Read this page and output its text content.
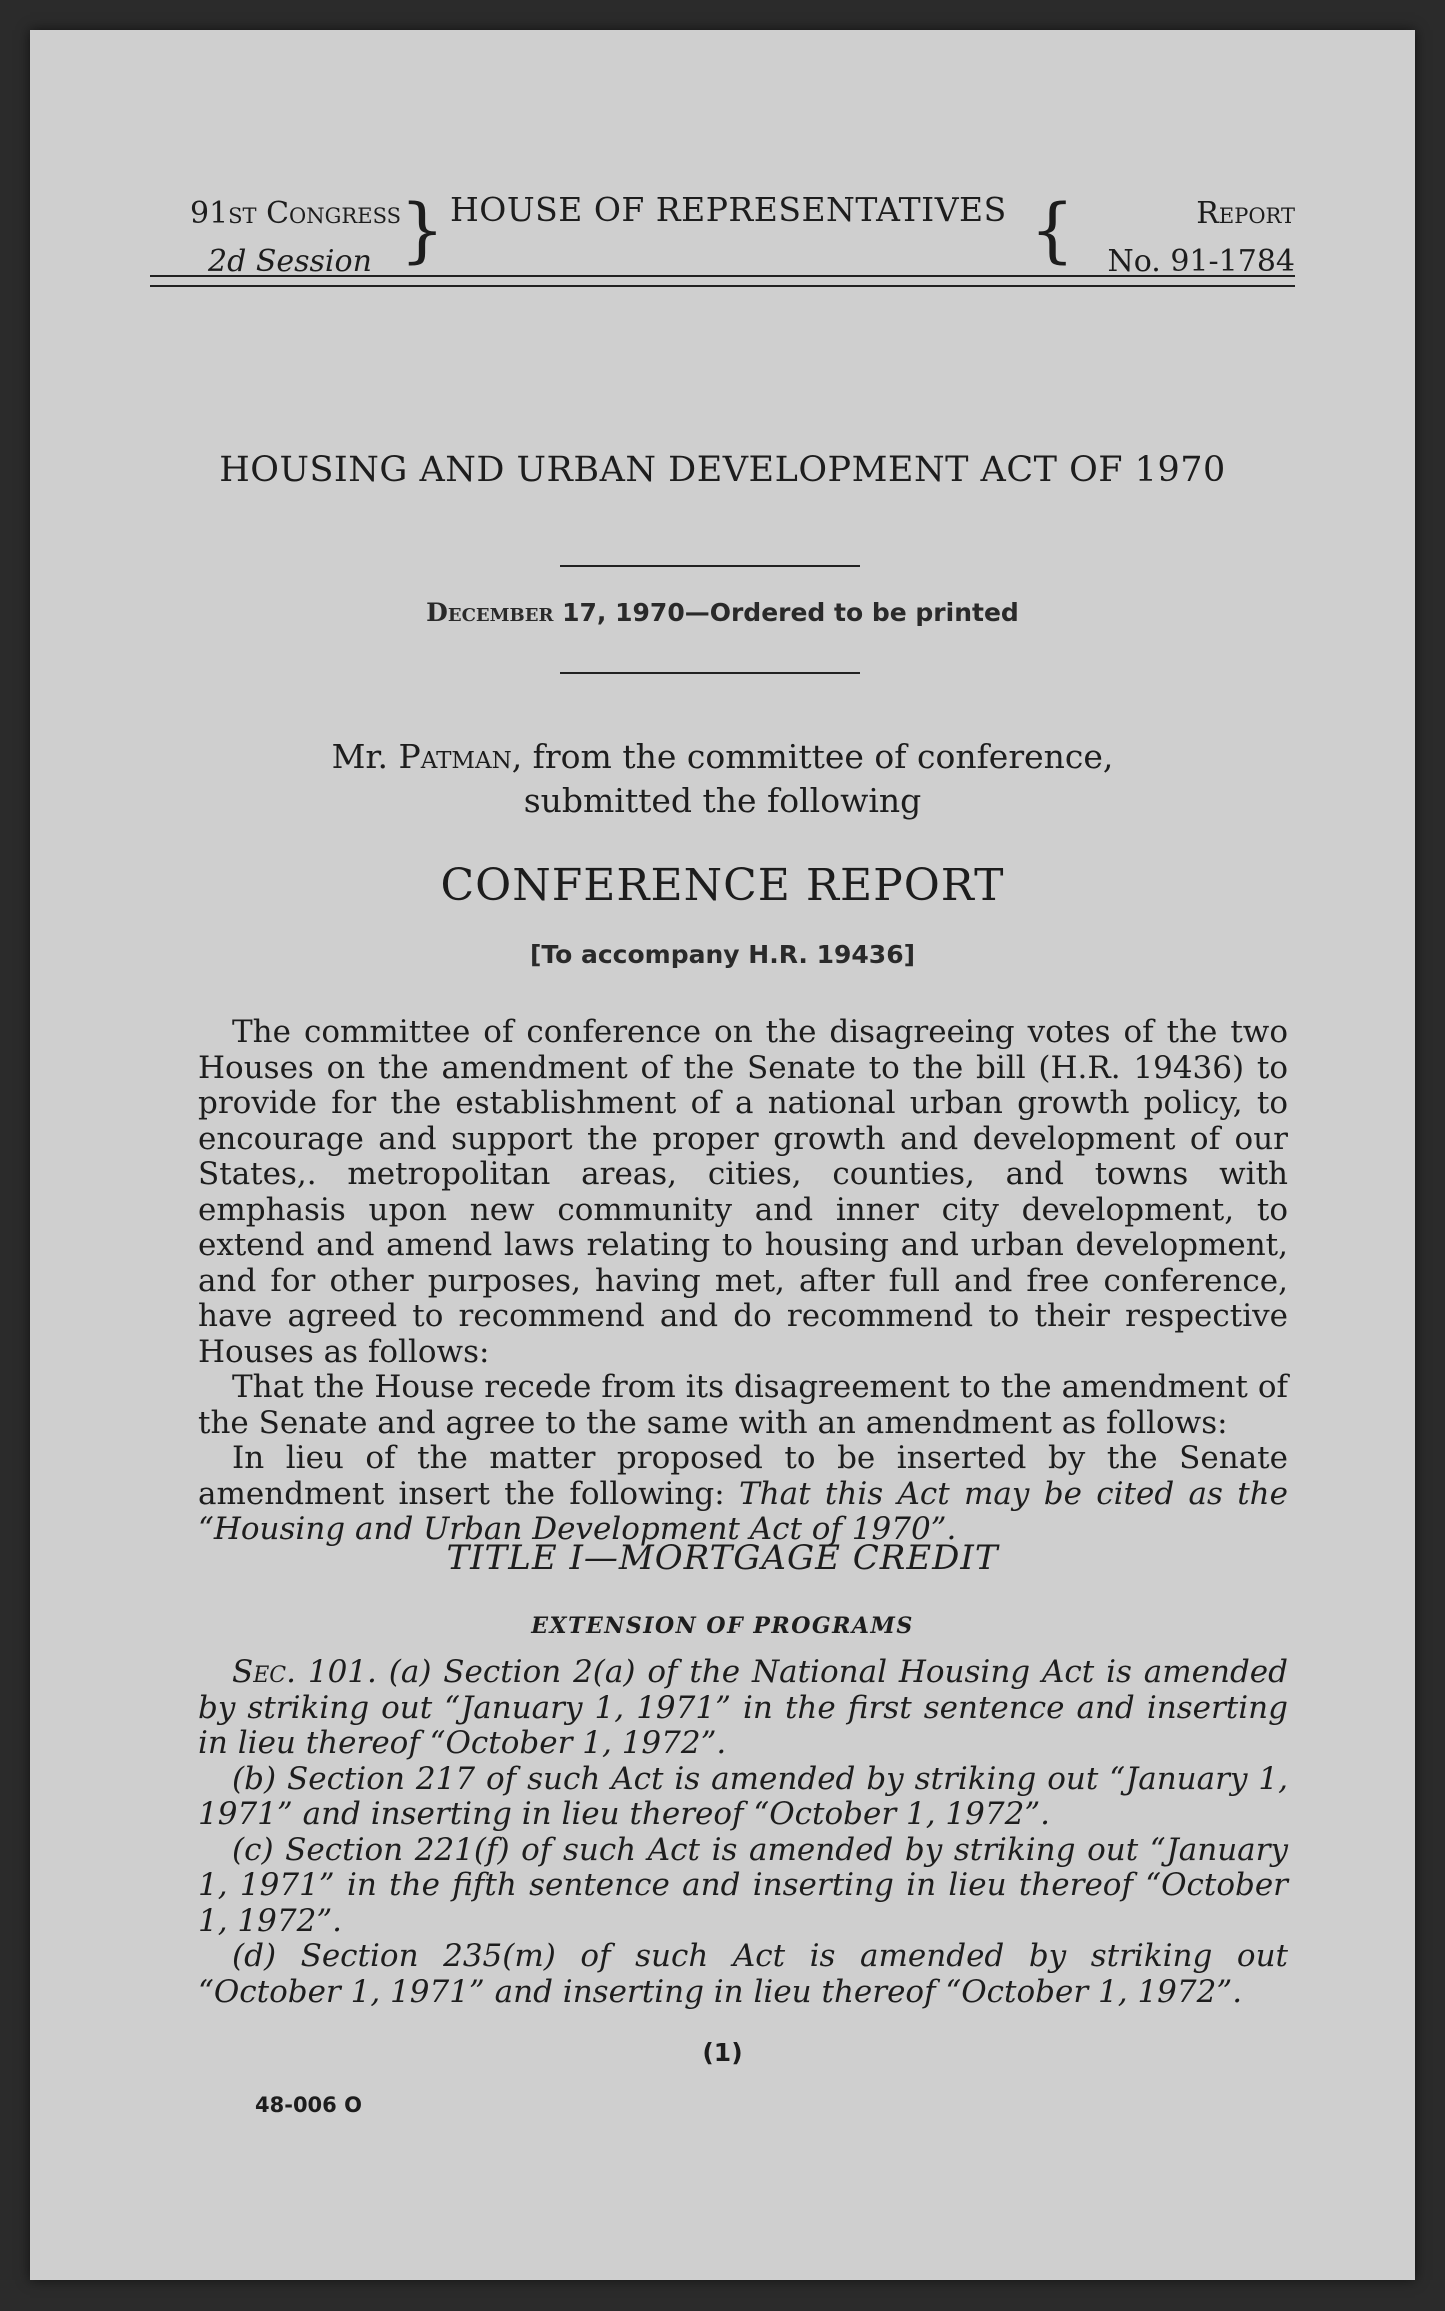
91st Congress
2d Session } HOUSE OF REPRESENTATIVES {	Report
No. 91-1784
HOUSING AND URBAN DEVELOPMENT ACT OF 1970
December 17, 1970—Ordered to be printed
Mr. Patman, from the committee of conference,
submitted the following
CONFERENCE REPORT
[To accompany H.R. 19436]

The committee of conference on the disagreeing votes of the two Houses on the amendment of the Senate to the bill (H.R. 19436) to provide for the establishment of a national urban growth policy, to encourage and support the proper growth and development of our States,. metropolitan areas, cities, counties, and towns with emphasis upon new community and inner city development, to extend and amend laws relating to housing and urban development, and for other purposes, having met, after full and free conference, have agreed to recommend and do recommend to their respective Houses as follows:

That the House recede from its disagreement to the amendment of the Senate and agree to the same with an amendment as follows:

In lieu of the matter proposed to be inserted by the Senate amendment insert the following: That this Act may be cited as the “Housing and Urban Development Act of 1970”.

TITLE I—MORTGAGE CREDIT
EXTENSION OF PROGRAMS

Sec. 101. (a) Section 2(a) of the National Housing Act is amended by striking out “January 1, 1971” in the first sentence and inserting in lieu thereof “October 1, 1972”.

(b) Section 217 of such Act is amended by striking out “January 1, 1971” and inserting in lieu thereof “October 1, 1972”.

(c) Section 221(f) of such Act is amended by striking out “January 1, 1971” in the fifth sentence and inserting in lieu thereof “October 1, 1972”.

(d) Section 235(m) of such Act is amended by striking out “October 1, 1971” and inserting in lieu thereof “October 1, 1972”.

(1)
48-006 O
